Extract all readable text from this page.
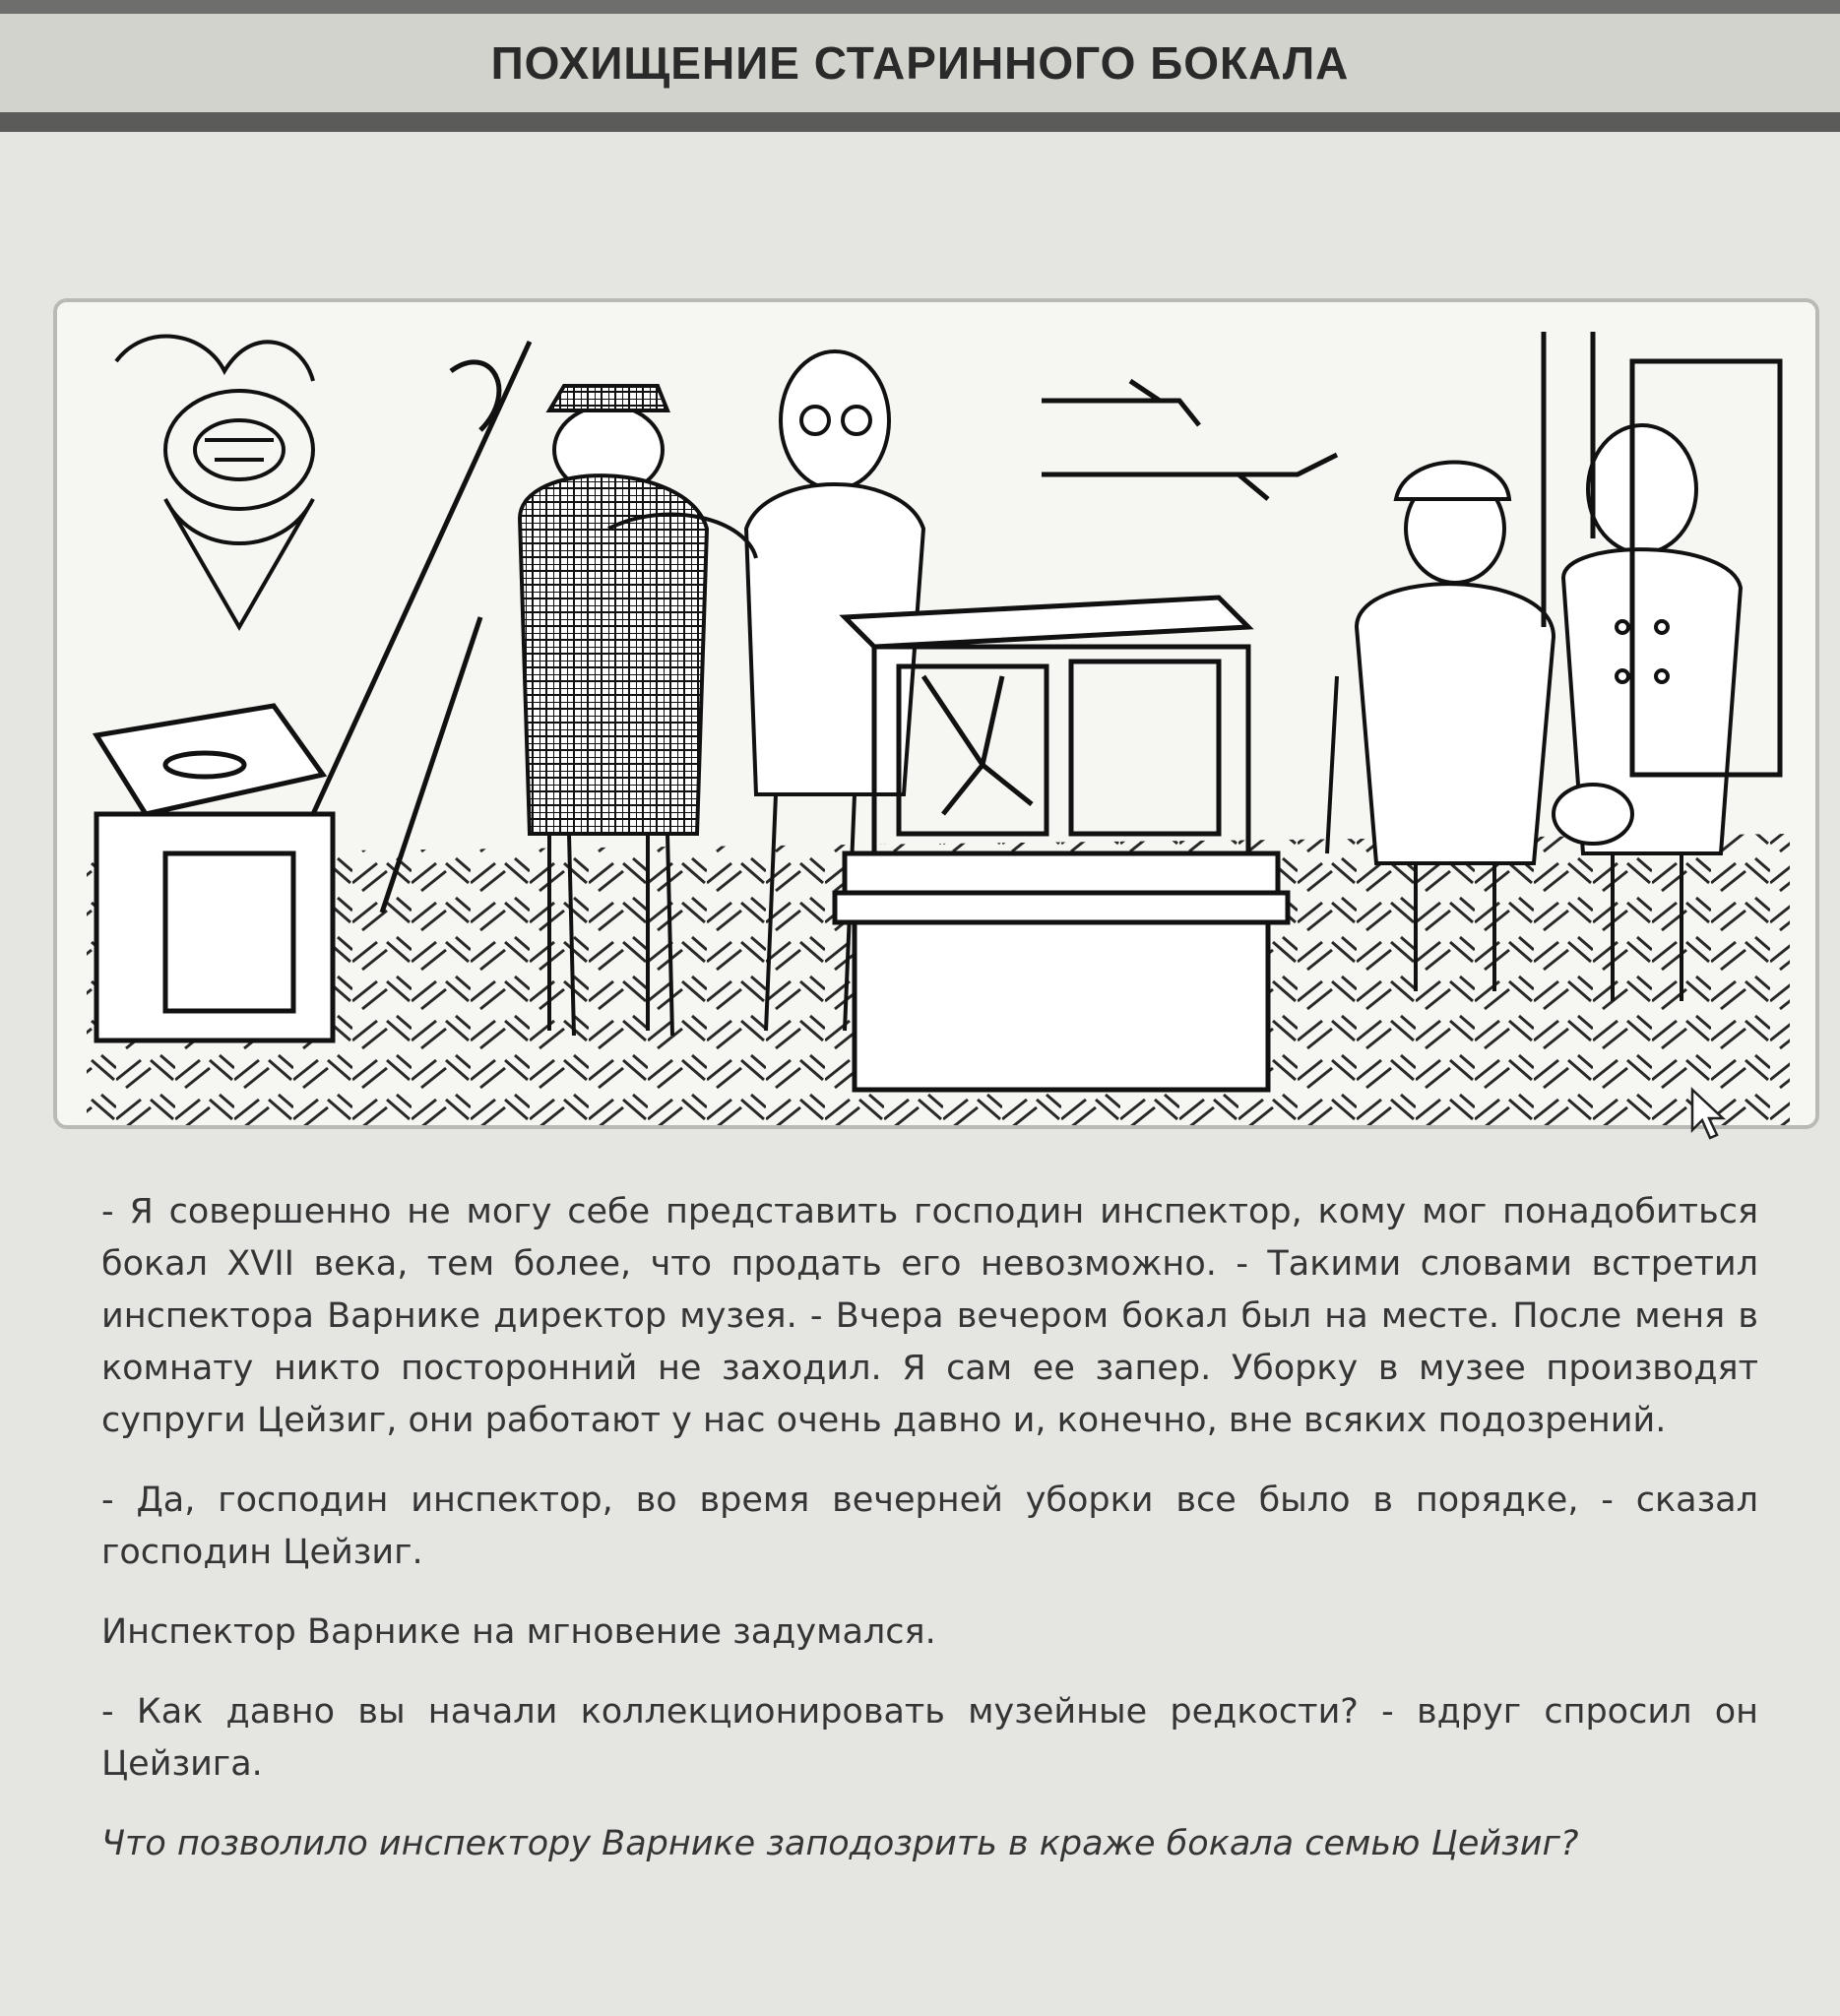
ПОХИЩЕНИЕ СТАРИННОГО БОКАЛА

- Я совершенно не могу себе представить господин инспектор, кому мог понадобиться бокал XVII века, тем более, что продать его невозможно. - Такими словами встретил инспектора Варнике директор музея. - Вчера вечером бокал был на месте. После меня в комнату никто посторонний не заходил. Я сам ее запер. Уборку в музее производят супруги Цейзиг, они работают у нас очень давно и, конечно, вне всяких подозрений.

- Да, господин инспектор, во время вечерней уборки все было в порядке, - сказал господин Цейзиг.

Инспектор Варнике на мгновение задумался.

- Как давно вы начали коллекционировать музейные редкости? - вдруг спросил он Цейзига.

Что позволило инспектору Варнике заподозрить в краже бокала семью Цейзиг?
